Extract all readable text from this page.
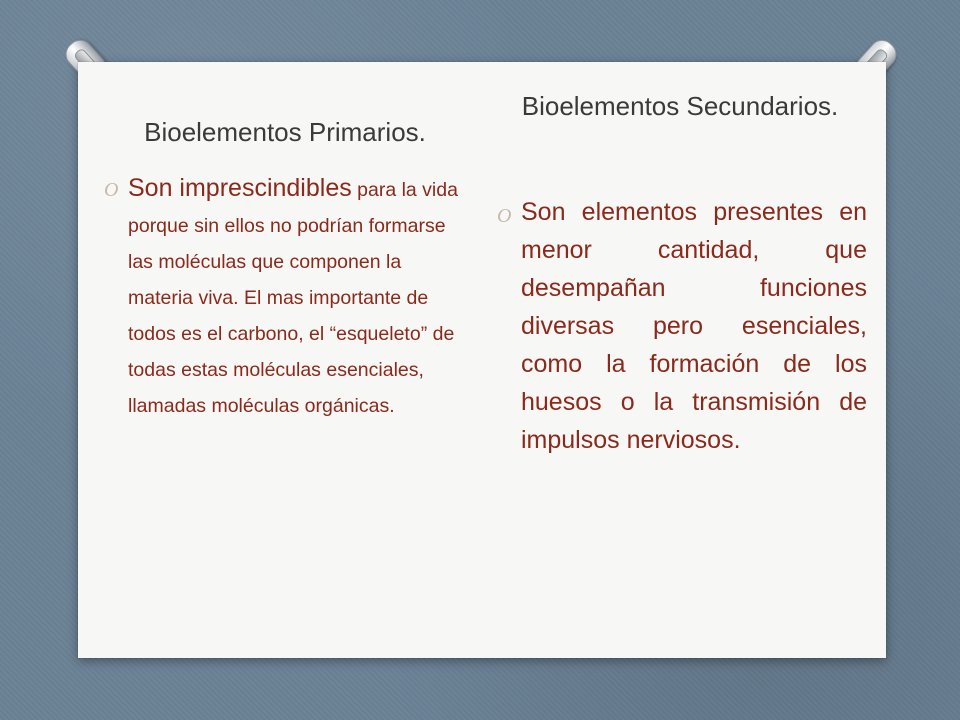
Bioelementos Primarios.
Bioelementos Secundarios.
O Son imprescindibles para la vida porque sin ellos no podrían formarse las moléculas que componen la materia viva. El mas importante de todos es el carbono, el “esqueleto” de todas estas moléculas esenciales, llamadas moléculas orgánicas.
O Son elementos presentes en menor cantidad, que desempañan funciones diversas pero esenciales, como la formación de los huesos o la transmisión de impulsos nerviosos.
